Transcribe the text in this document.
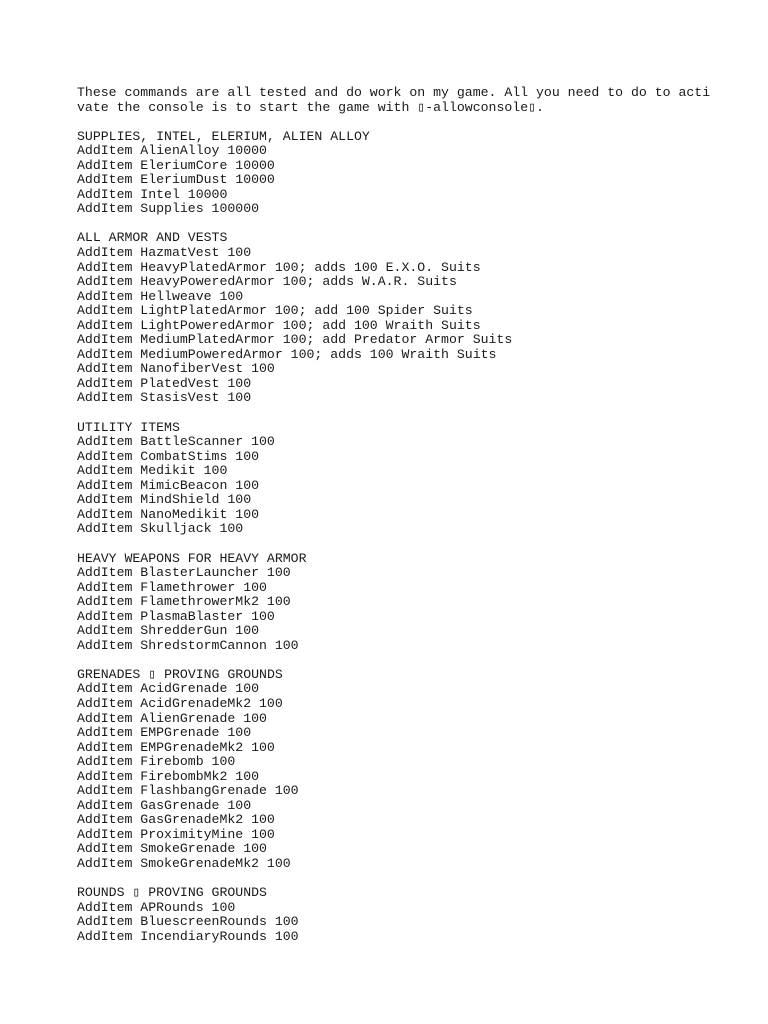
These commands are all tested and do work on my game. All you need to do to acti
vate the console is to start the game with ▯-allowconsole▯.
SUPPLIES, INTEL, ELERIUM, ALIEN ALLOY
AddItem AlienAlloy 10000
AddItem EleriumCore 10000
AddItem EleriumDust 10000
AddItem Intel 10000
AddItem Supplies 100000
ALL ARMOR AND VESTS
AddItem HazmatVest 100
AddItem HeavyPlatedArmor 100; adds 100 E.X.O. Suits
AddItem HeavyPoweredArmor 100; adds W.A.R. Suits
AddItem Hellweave 100
AddItem LightPlatedArmor 100; add 100 Spider Suits
AddItem LightPoweredArmor 100; add 100 Wraith Suits
AddItem MediumPlatedArmor 100; add Predator Armor Suits
AddItem MediumPoweredArmor 100; adds 100 Wraith Suits
AddItem NanofiberVest 100
AddItem PlatedVest 100
AddItem StasisVest 100
UTILITY ITEMS
AddItem BattleScanner 100
AddItem CombatStims 100
AddItem Medikit 100
AddItem MimicBeacon 100
AddItem MindShield 100
AddItem NanoMedikit 100
AddItem Skulljack 100
HEAVY WEAPONS FOR HEAVY ARMOR
AddItem BlasterLauncher 100
AddItem Flamethrower 100
AddItem FlamethrowerMk2 100
AddItem PlasmaBlaster 100
AddItem ShredderGun 100
AddItem ShredstormCannon 100
GRENADES ▯ PROVING GROUNDS
AddItem AcidGrenade 100
AddItem AcidGrenadeMk2 100
AddItem AlienGrenade 100
AddItem EMPGrenade 100
AddItem EMPGrenadeMk2 100
AddItem Firebomb 100
AddItem FirebombMk2 100
AddItem FlashbangGrenade 100
AddItem GasGrenade 100
AddItem GasGrenadeMk2 100
AddItem ProximityMine 100
AddItem SmokeGrenade 100
AddItem SmokeGrenadeMk2 100
ROUNDS ▯ PROVING GROUNDS
AddItem APRounds 100
AddItem BluescreenRounds 100
AddItem IncendiaryRounds 100
